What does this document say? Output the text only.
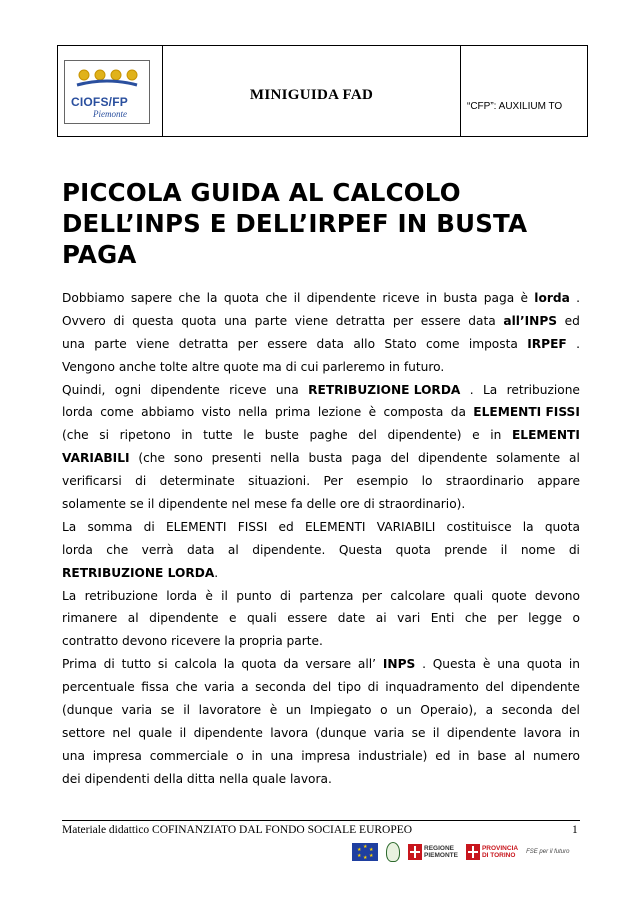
CIOFS/FP
Piemonte
MINIGUIDA FAD
“CFP”: AUXILIUM TO
PICCOLA GUIDA AL CALCOLO
DELL’INPS E DELL’IRPEF IN BUSTA
PAGA
Dobbiamo sapere che la quota che il dipendente riceve in busta paga è lorda .
Ovvero di questa quota una parte viene detratta per essere data all’INPS ed
una parte viene detratta per essere data allo Stato come imposta IRPEF .
Vengono anche tolte altre quote ma di cui parleremo in futuro.
Quindi, ogni dipendente riceve una RETRIBUZIONE LORDA . La retribuzione
lorda come abbiamo visto nella prima lezione è composta da ELEMENTI FISSI
(che si ripetono in tutte le buste paghe del dipendente) e in ELEMENTI
VARIABILI (che sono presenti nella busta paga del dipendente solamente al
verificarsi di determinate situazioni. Per esempio lo straordinario appare
solamente se il dipendente nel mese fa delle ore di straordinario).
La somma di ELEMENTI FISSI ed ELEMENTI VARIABILI costituisce la quota
lorda che verrà data al dipendente. Questa quota prende il nome di
RETRIBUZIONE LORDA .
La retribuzione lorda è il punto di partenza per calcolare quali quote devono
rimanere al dipendente e quali essere date ai vari Enti che per legge o
contratto devono ricevere la propria parte.
Prima di tutto si calcola la quota da versare all’ INPS . Questa è una quota in
percentuale fissa che varia a seconda del tipo di inquadramento del dipendente
(dunque varia se il lavoratore è un Impiegato o un Operaio), a seconda del
settore nel quale il dipendente lavora (dunque varia se il dipendente lavora in
una impresa commerciale o in una impresa industriale) ed in base al numero
dei dipendenti della ditta nella quale lavora.
Materiale didattico COFINANZIATO DAL FONDO SOCIALE EUROPEO	1
★ ★
★
★
★
★	REGIONE
PIEMONTE
PROVINCIA
DI TORINO	FSE per il futuro
